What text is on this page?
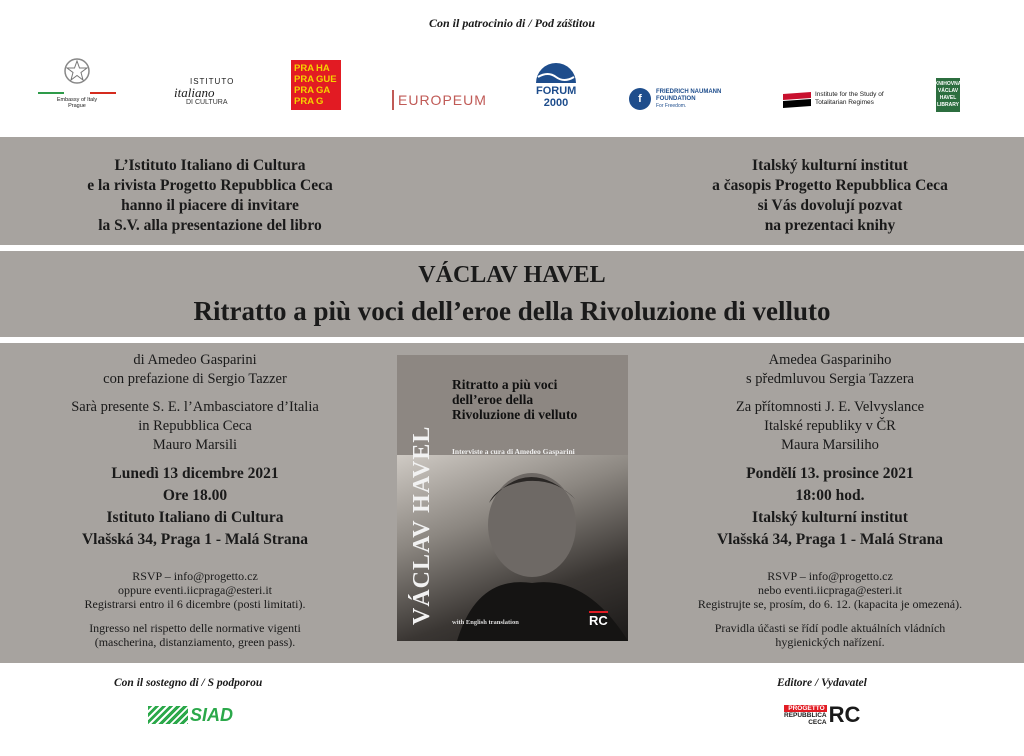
Con il patrocinio di / Pod záštitou
Embassy of Italy Prague
ISTITUTO
italiano
DI CULTURA
PRA HA
PRA GUE
PRA GA
PRA G	EUROPEUM
FORUM 2000	f
FRIEDRICH NAUMANN FOUNDATION
For Freedom.
Institute for the Study of Totalitarian Regimes
KNIHOVNA
VÁCLAV
HAVEL
LIBRARY
L’Istituto Italiano di Cultura
e la rivista Progetto Repubblica Ceca
hanno il piacere di invitare
la S.V. alla presentazione del libro
Italský kulturní institut
a časopis Progetto Repubblica Ceca
si Vás dovolují pozvat
na prezentaci knihy
VÁCLAV HAVEL
Ritratto a più voci dell’eroe della Rivoluzione di velluto
di Amedeo Gasparini
con prefazione di Sergio Tazzer
Sarà presente S. E. l’Ambasciatore d’Italia
in Repubblica Ceca
Mauro Marsili
Lunedì 13 dicembre 2021
Ore 18.00
Istituto Italiano di Cultura
Vlašská 34, Praga 1 - Malá Strana
RSVP – info@progetto.cz
oppure eventi.iicpraga@esteri.it
Registrarsi entro il 6 dicembre (posti limitati).
Ingresso nel rispetto delle normative vigenti
(mascherina, distanziamento, green pass).
Amedea Gaspariniho
s předmluvou Sergia Tazzera
Za přítomnosti J. E. Velvyslance
Italské republiky v ČR
Maura Marsiliho
Pondělí 13. prosince 2021
18:00 hod.
Italský kulturní institut
Vlašská 34, Praga 1 - Malá Strana
RSVP – info@progetto.cz
nebo eventi.iicpraga@esteri.it
Registrujte se, prosím, do 6. 12. (kapacita je omezená).
Pravidla účasti se řídí podle aktuálních vládních
hygienických nařízení.
VÁCLAV HAVEL
Ritratto a più voci
dell’eroe della
Rivoluzione di velluto
Interviste a cura di Amedeo Gasparini
with English translation	RC
Con il sostegno di / S podporou
SIAD
Editore / Vydavatel
PROGETTO
REPUBBLICA
CECA RC
